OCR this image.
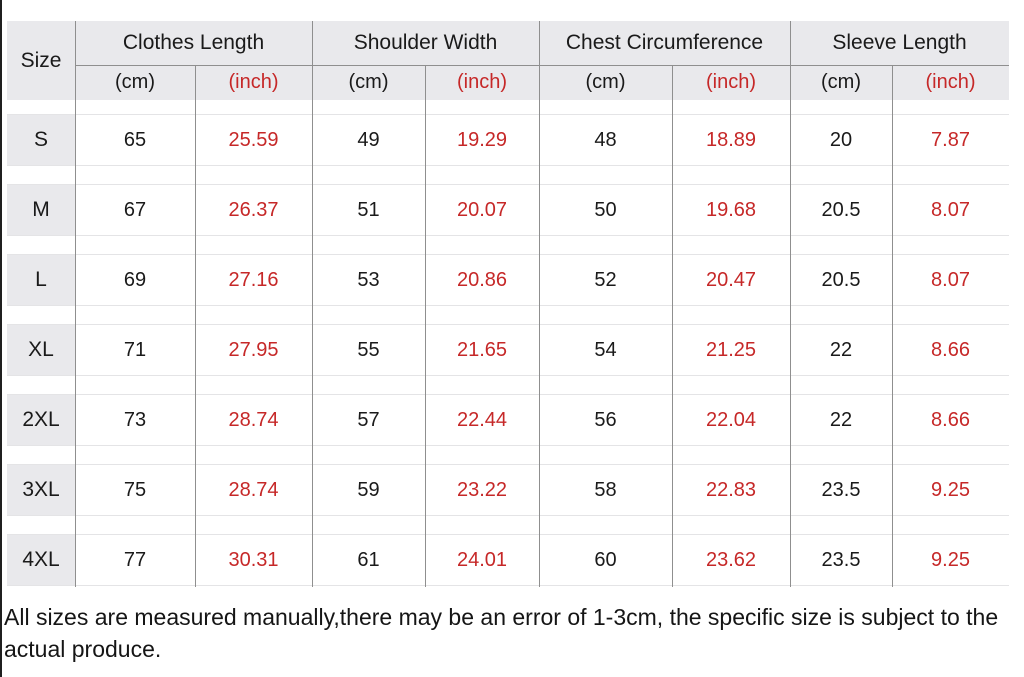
Size
Clothes Length	Shoulder Width	Chest Circumference	Sleeve Length
(cm)	(inch)	(cm)	(inch)	(cm)	(inch)	(cm)	(inch)
S	65	25.59	49	19.29	48	18.89	20	7.87
M	67	26.37	51	20.07	50	19.68	20.5	8.07
L	69	27.16	53	20.86	52	20.47	20.5	8.07
XL	71	27.95	55	21.65	54	21.25	22	8.66
2XL	73	28.74	57	22.44	56	22.04	22	8.66
3XL	75	28.74	59	23.22	58	22.83	23.5	9.25
4XL	77	30.31	61	24.01	60	23.62	23.5	9.25
All sizes are measured manually,there may be an error of 1-3cm, the specific size is subject to the actual produce.
